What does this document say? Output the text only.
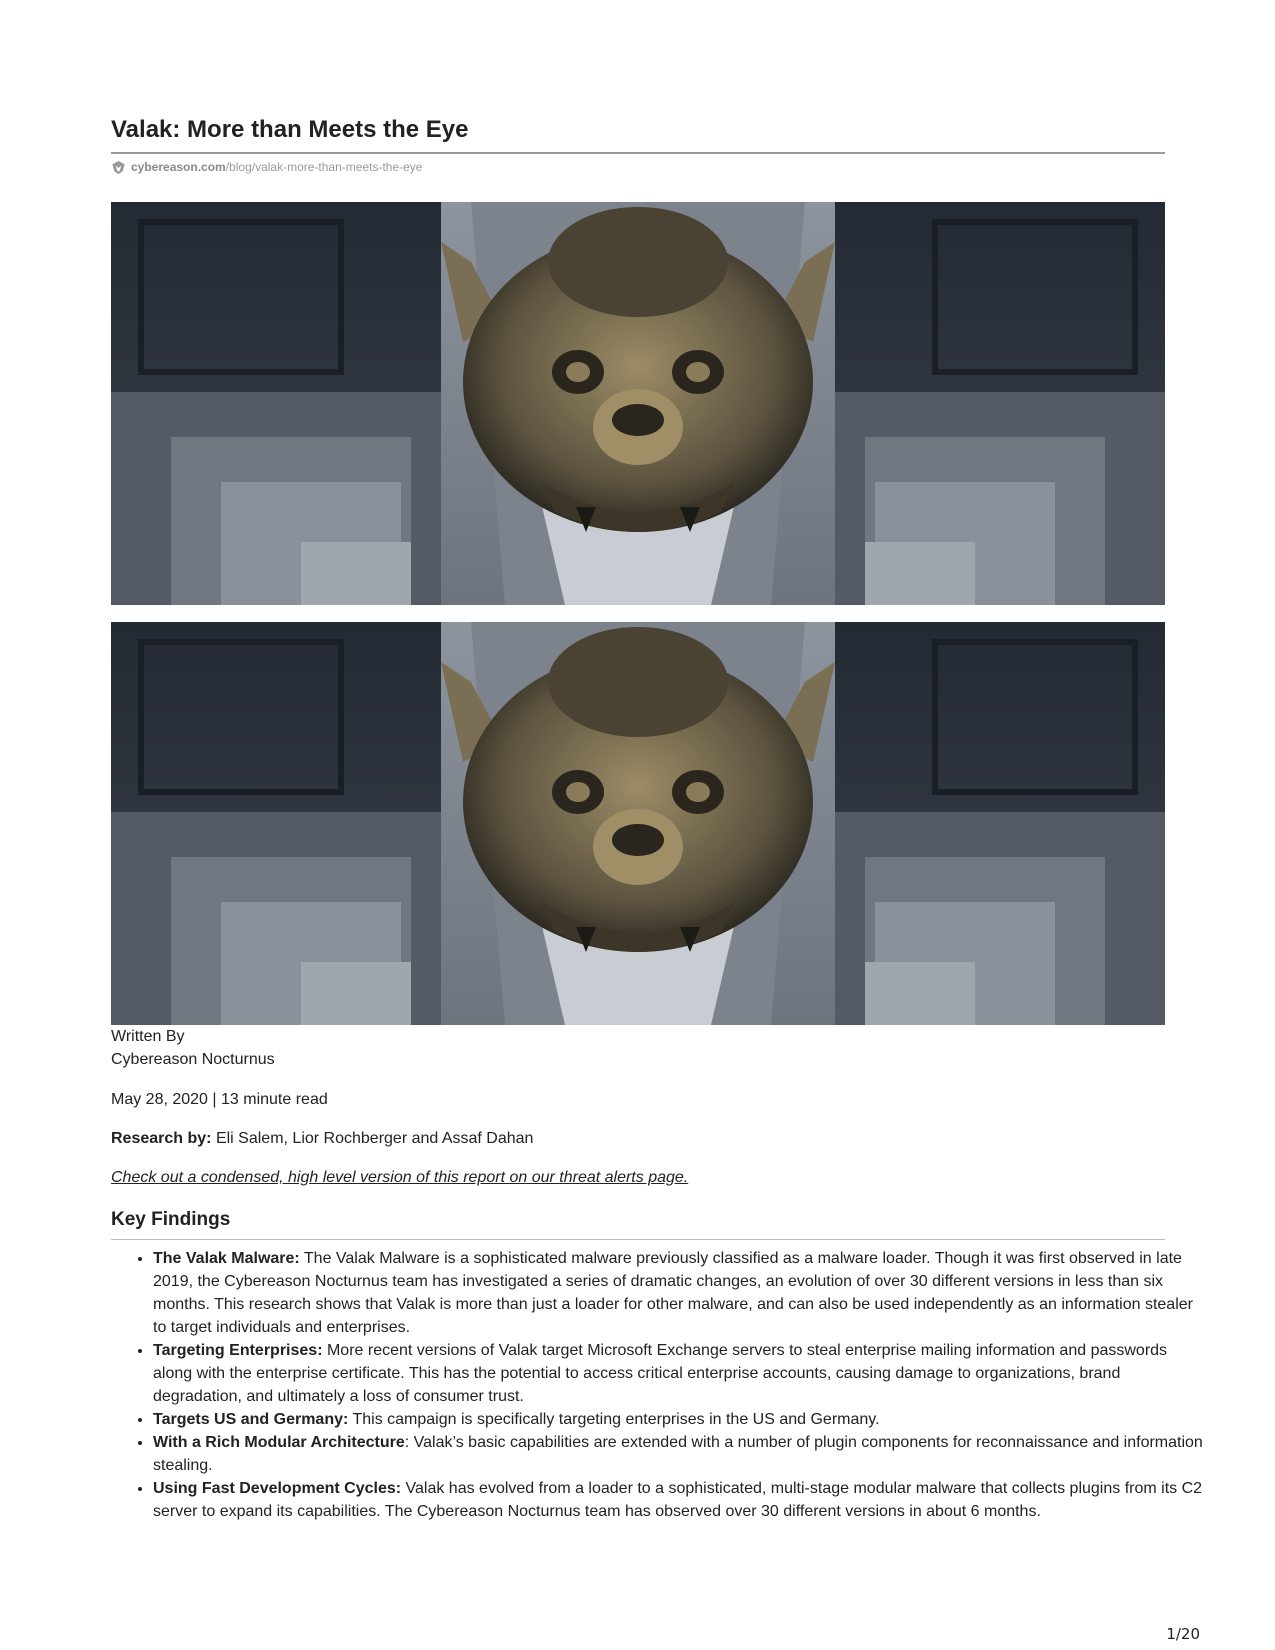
Valak: More than Meets the Eye
cybereason.com /blog/valak-more-than-meets-the-eye
Written By
Cybereason Nocturnus
May 28, 2020 | 13 minute read
Research by: Eli Salem, Lior Rochberger and Assaf Dahan
Check out a condensed, high level version of this report on our threat alerts page.
Key Findings
• The Valak Malware: The Valak Malware is a sophisticated malware previously classified as a malware loader. Though it was first observed in late 2019, the Cybereason Nocturnus team has investigated a series of dramatic changes, an evolution of over 30 different versions in less than six months. This research shows that Valak is more than just a loader for other malware, and can also be used independently as an information stealer to target individuals and enterprises.
• Targeting Enterprises: More recent versions of Valak target Microsoft Exchange servers to steal enterprise mailing information and passwords along with the enterprise certificate. This has the potential to access critical enterprise accounts, causing damage to organizations, brand degradation, and ultimately a loss of consumer trust.
• Targets US and Germany: This campaign is specifically targeting enterprises in the US and Germany.
• With a Rich Modular Architecture: Valak’s basic capabilities are extended with a number of plugin components for reconnaissance and information stealing.
• Using Fast Development Cycles: Valak has evolved from a loader to a sophisticated, multi-stage modular malware that collects plugins from its C2 server to expand its capabilities. The Cybereason Nocturnus team has observed over 30 different versions in about 6 months.
1/20
